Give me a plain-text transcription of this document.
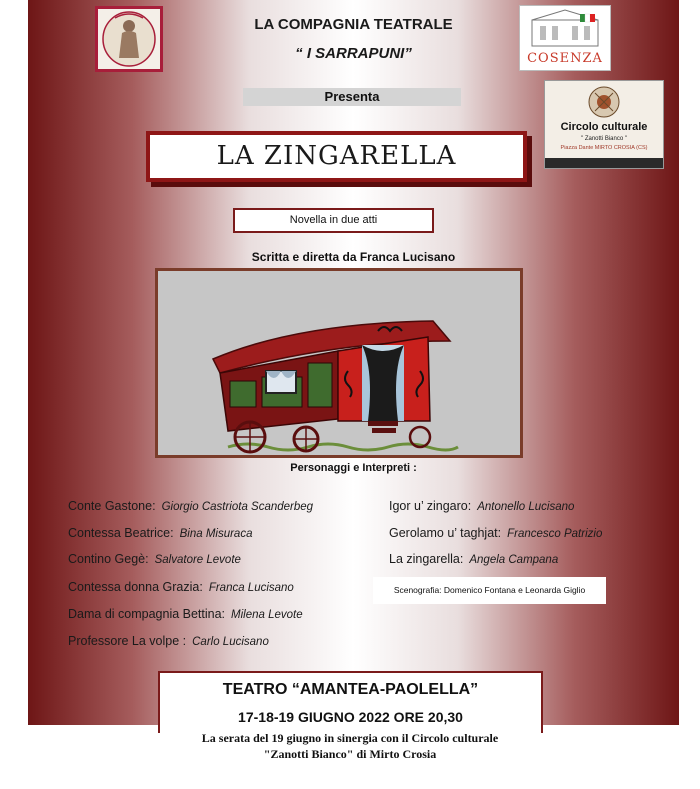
COSENZA
Circolo culturale
" Zanotti Bianco "
Piazza Dante MIRTO CROSIA (CS)
LA COMPAGNIA TEATRALE
“ I SARRAPUNI”
Presenta
LA ZINGARELLA
Novella in due atti
Scritta e diretta da Franca Lucisano
Personaggi e Interpreti :
Conte Gastone: Giorgio Castriota Scanderbeg
Contessa Beatrice: Bina Misuraca
Contino Gegè: Salvatore Levote
Contessa donna Grazia: Franca Lucisano
Dama di compagnia Bettina: Milena Levote
Professore La volpe : Carlo Lucisano
Igor u’ zingaro: Antonello Lucisano
Gerolamo u’ taghjat: Francesco Patrizio
La zingarella: Angela Campana
Scenografia: Domenico Fontana e Leonarda Giglio
TEATRO “AMANTEA-PAOLELLA”
17-18-19 GIUGNO 2022 ORE 20,30
La serata del 19 giugno in sinergia con il Circolo culturale
"Zanotti Bianco" di Mirto Crosia
